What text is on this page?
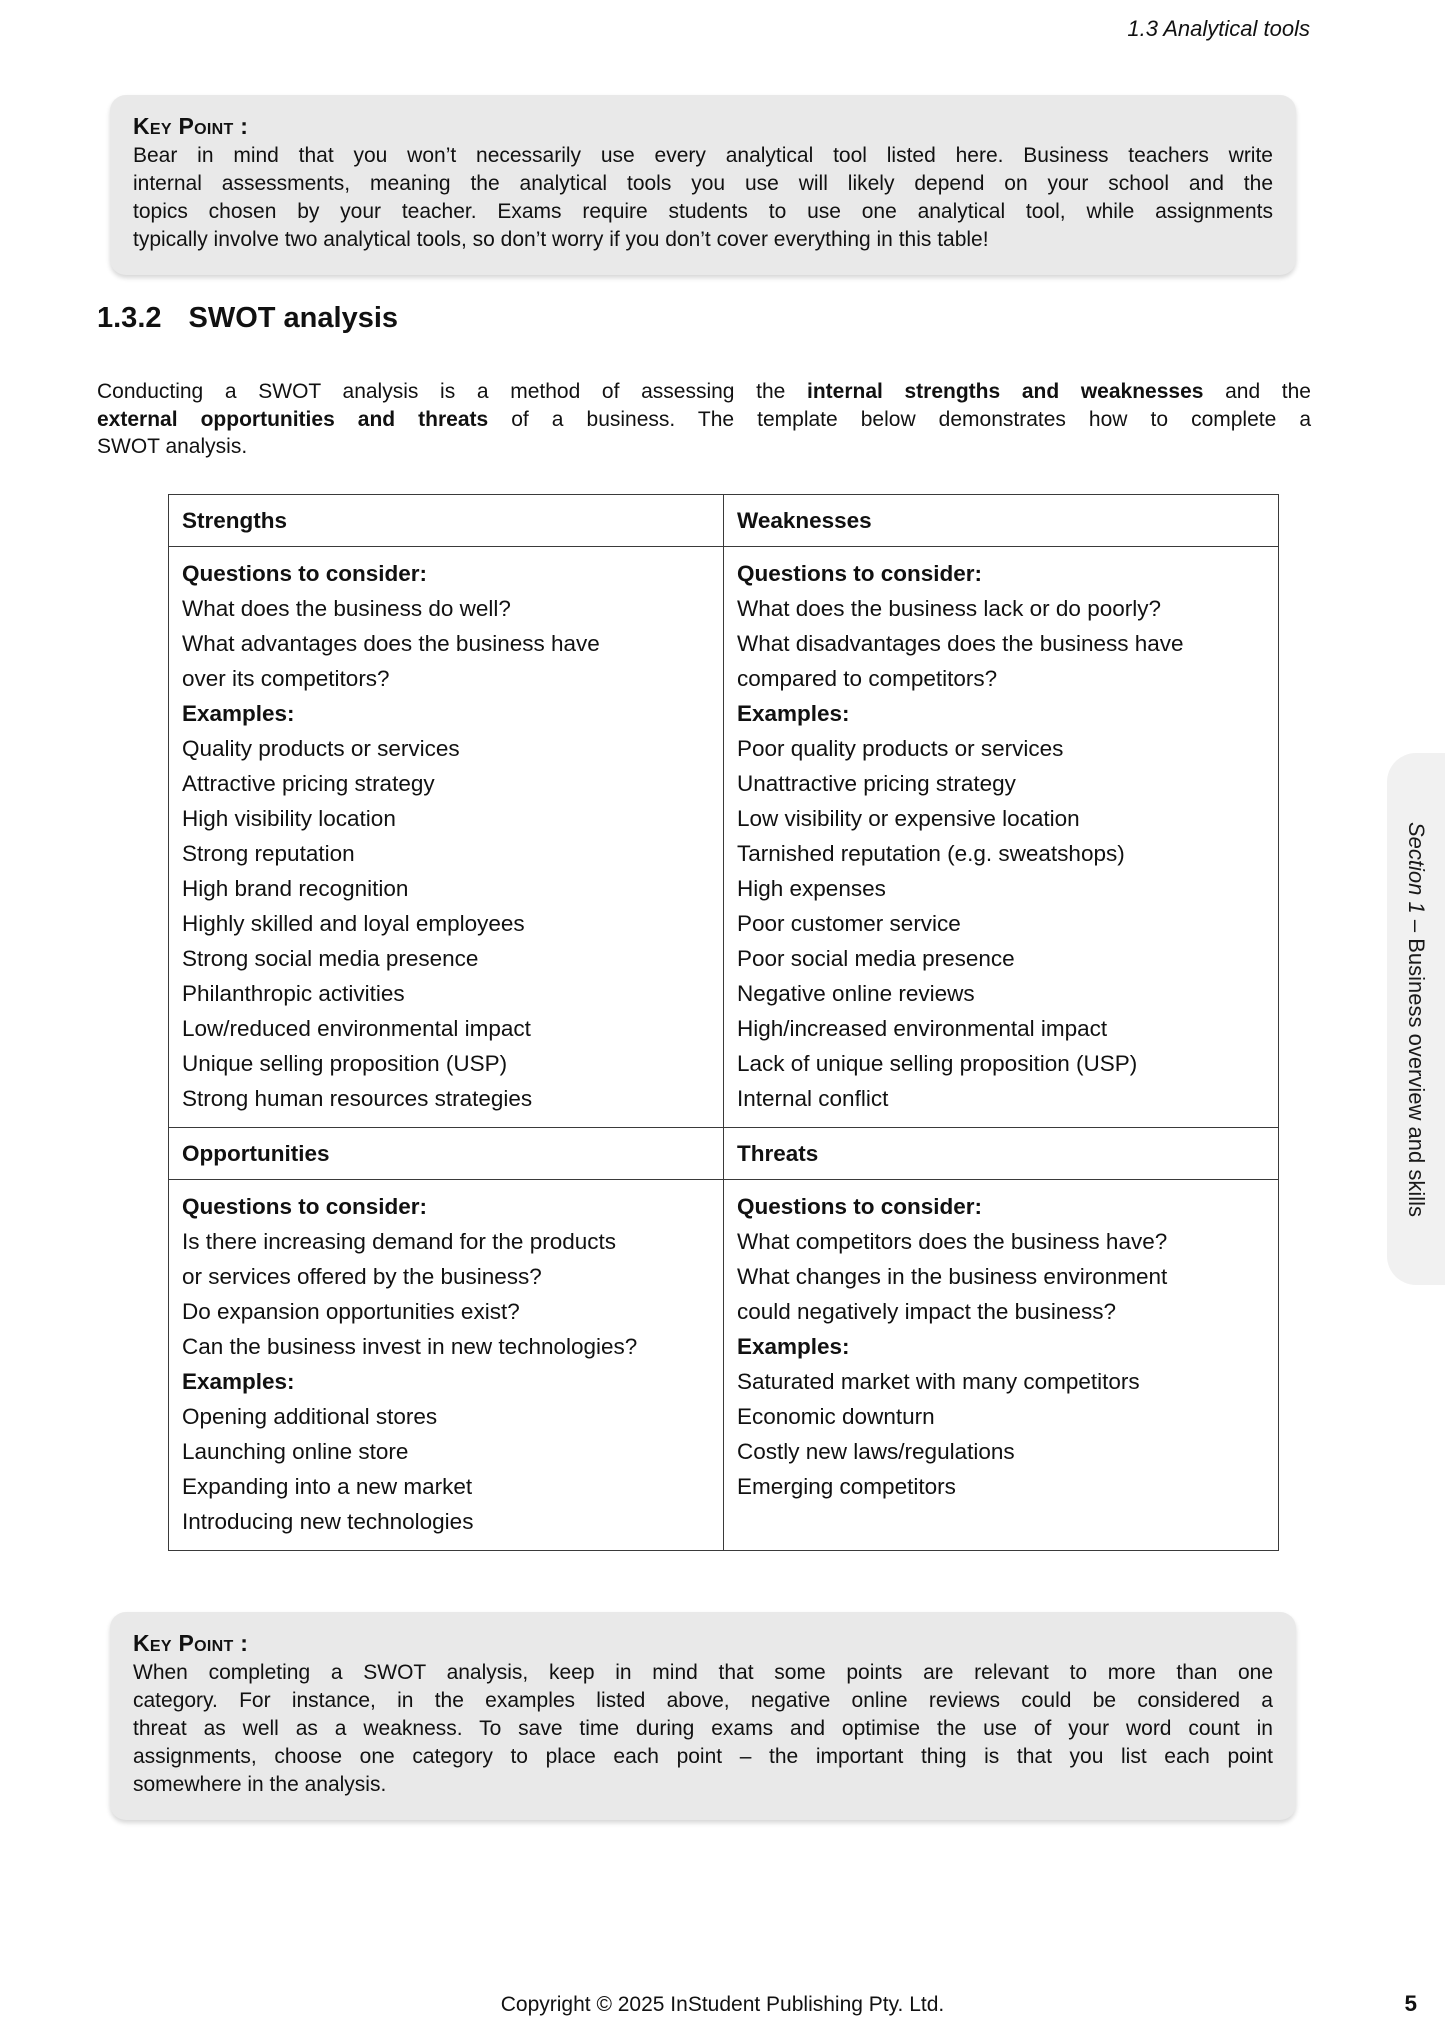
1.3 Analytical tools
Key Point :
Bear in mind that you won’t necessarily use every analytical tool listed here. Business teachers write
internal assessments, meaning the analytical tools you use will likely depend on your school and the
topics chosen by your teacher. Exams require students to use one analytical tool, while assignments
typically involve two analytical tools, so don’t worry if you don’t cover everything in this table!
1.3.2 SWOT analysis
Conducting a SWOT analysis is a method of assessing the internal strengths and weaknesses and the
external opportunities and threats of a business. The template below demonstrates how to complete a
SWOT analysis.
Strengths	Weaknesses

Questions to consider:
What does the business do well?
What advantages does the business have
over its competitors?
Examples:
Quality products or services
Attractive pricing strategy
High visibility location
Strong reputation
High brand recognition
Highly skilled and loyal employees
Strong social media presence
Philanthropic activities
Low/reduced environmental impact
Unique selling proposition (USP)
Strong human resources strategies

Questions to consider:
What does the business lack or do poorly?
What disadvantages does the business have
compared to competitors?
Examples:
Poor quality products or services
Unattractive pricing strategy
Low visibility or expensive location
Tarnished reputation (e.g. sweatshops)
High expenses
Poor customer service
Poor social media presence
Negative online reviews
High/increased environmental impact
Lack of unique selling proposition (USP)
Internal conflict

Opportunities	Threats

Questions to consider:
Is there increasing demand for the products
or services offered by the business?
Do expansion opportunities exist?
Can the business invest in new technologies?
Examples:
Opening additional stores
Launching online store
Expanding into a new market
Introducing new technologies

Questions to consider:
What competitors does the business have?
What changes in the business environment
could negatively impact the business?
Examples:
Saturated market with many competitors
Economic downturn
Costly new laws/regulations
Emerging competitors
Key Point :
When completing a SWOT analysis, keep in mind that some points are relevant to more than one
category. For instance, in the examples listed above, negative online reviews could be considered a
threat as well as a weakness. To save time during exams and optimise the use of your word count in
assignments, choose one category to place each point – the important thing is that you list each point
somewhere in the analysis.
Section 1 – Business overview and skills
Copyright © 2025 InStudent Publishing Pty. Ltd.	5
